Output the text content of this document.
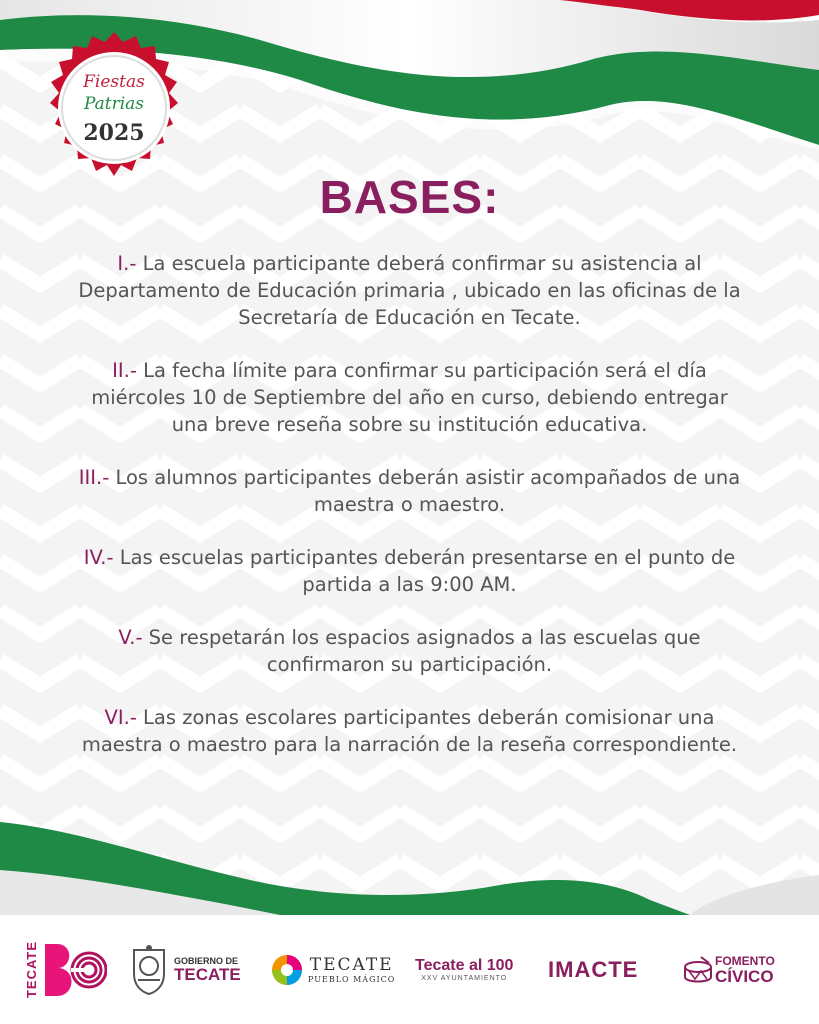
Fiestas

Patrias

2025

BASES:

I.- La escuela participante deberá confirmar su asistencia al Departamento de Educación primaria , ubicado en las oficinas de la Secretaría de Educación en Tecate.

II.- La fecha límite para confirmar su participación será el día miércoles 10 de Septiembre del año en curso, debiendo entregar una breve reseña sobre su institución educativa.

III.- Los alumnos participantes deberán asistir acompañados de una maestra o maestro.

IV.- Las escuelas participantes deberán presentarse en el punto de partida a las 9:00 AM.

V.- Se respetarán los espacios asignados a las escuelas que confirmaron su participación.

VI.- Las zonas escolares participantes deberán comisionar una maestra o maestro para la narración de la reseña correspondiente.

TECATE	GOBIERNO DE
TECATE	TECATE
PUEBLO MÁGICO
Tecate al 100
XXV AYUNTAMIENTO IMACTE	FOMENTO
CÍVICO
